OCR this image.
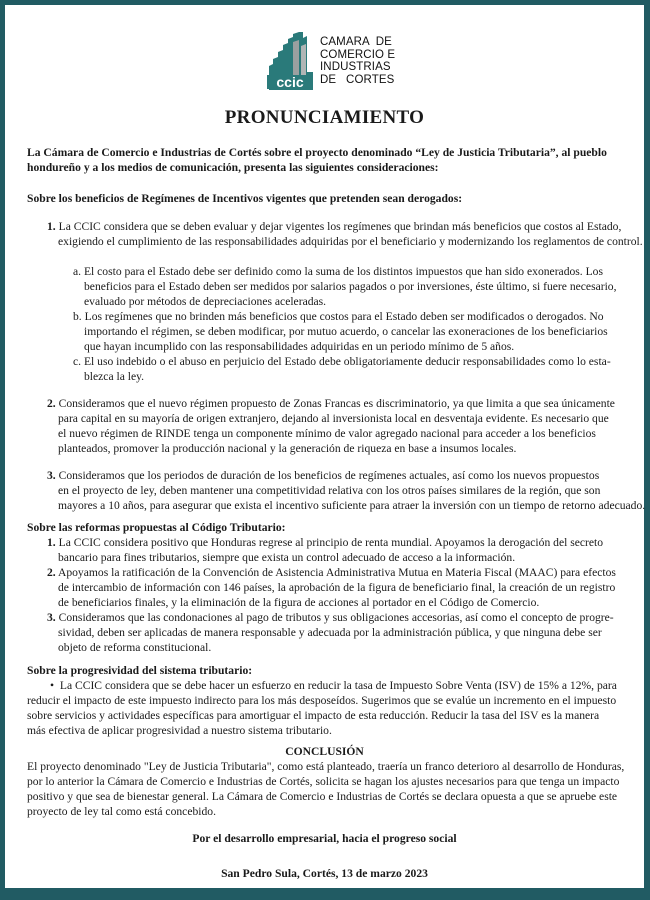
ccic
CAMARA  DE
COMERCIO E
INDUSTRIAS
DE   CORTES
PRONUNCIAMIENTO
La Cámara de Comercio e Industrias de Cortés sobre el proyecto denominado “Ley de Justicia Tributaria”, al pueblo
hondureño y a los medios de comunicación, presenta las siguientes consideraciones:
Sobre los beneficios de Regímenes de Incentivos vigentes que pretenden sean derogados:
1. La CCIC considera que se deben evaluar y dejar vigentes los regímenes que brindan más beneficios que costos al Estado,
exigiendo el cumplimiento de las responsabilidades adquiridas por el beneficiario y modernizando los reglamentos de control.
a. El costo para el Estado debe ser definido como la suma de los distintos impuestos que han sido exonerados. Los
beneficios para el Estado deben ser medidos por salarios pagados o por inversiones, éste último, si fuere necesario,
evaluado por métodos de depreciaciones aceleradas.
b. Los regímenes que no brinden más beneficios que costos para el Estado deben ser modificados o derogados. No
importando el régimen, se deben modificar, por mutuo acuerdo, o cancelar las exoneraciones de los beneficiarios
que hayan incumplido con las responsabilidades adquiridas en un periodo mínimo de 5 años.
c. El uso indebido o el abuso en perjuicio del Estado debe obligatoriamente deducir responsabilidades como lo esta-
blezca la ley.
2. Consideramos que el nuevo régimen propuesto de Zonas Francas es discriminatorio, ya que limita a que sea únicamente
para capital en su mayoría de origen extranjero, dejando al inversionista local en desventaja evidente. Es necesario que
el nuevo régimen de RINDE tenga un componente mínimo de valor agregado nacional para acceder a los beneficios
planteados, promover la producción nacional y la generación de riqueza en base a insumos locales.
3. Consideramos que los periodos de duración de los beneficios de regímenes actuales, así como los nuevos propuestos
en el proyecto de ley, deben mantener una competitividad relativa con los otros países similares de la región, que son
mayores a 10 años, para asegurar que exista el incentivo suficiente para atraer la inversión con un tiempo de retorno adecuado.
Sobre las reformas propuestas al Código Tributario:
1. La CCIC considera positivo que Honduras regrese al principio de renta mundial. Apoyamos la derogación del secreto
bancario para fines tributarios, siempre que exista un control adecuado de acceso a la información.
2. Apoyamos la ratificación de la Convención de Asistencia Administrativa Mutua en Materia Fiscal (MAAC) para efectos
de intercambio de información con 146 países, la aprobación de la figura de beneficiario final, la creación de un registro
de beneficiarios finales, y la eliminación de la figura de acciones al portador en el Código de Comercio.
3. Consideramos que las condonaciones al pago de tributos y sus obligaciones accesorias, así como el concepto de progre-
sividad, deben ser aplicadas de manera responsable y adecuada por la administración pública, y que ninguna debe ser
objeto de reforma constitucional.
Sobre la progresividad del sistema tributario:
• La CCIC considera que se debe hacer un esfuerzo en reducir la tasa de Impuesto Sobre Venta (ISV) de 15% a 12%, para
reducir el impacto de este impuesto indirecto para los más desposeídos. Sugerimos que se evalúe un incremento en el impuesto
sobre servicios y actividades específicas para amortiguar el impacto de esta reducción. Reducir la tasa del ISV es la manera
más efectiva de aplicar progresividad a nuestro sistema tributario.
CONCLUSIÓN
El proyecto denominado "Ley de Justicia Tributaria", como está planteado, traería un franco deterioro al desarrollo de Honduras,
por lo anterior la Cámara de Comercio e Industrias de Cortés, solicita se hagan los ajustes necesarios para que tenga un impacto
positivo y que sea de bienestar general. La Cámara de Comercio e Industrias de Cortés se declara opuesta a que se apruebe este
proyecto de ley tal como está concebido.
Por el desarrollo empresarial, hacia el progreso social
San Pedro Sula, Cortés, 13 de marzo 2023
